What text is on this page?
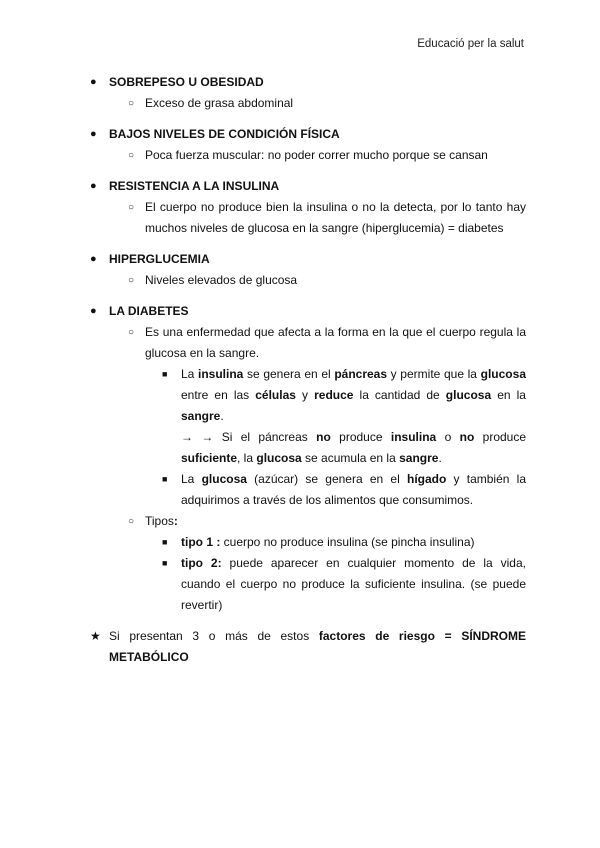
Educació per la salut
● SOBREPESO U OBESIDAD
○ Exceso de grasa abdominal
● BAJOS NIVELES DE CONDICIÓN FÍSICA
○ Poca fuerza muscular: no poder correr mucho porque se cansan
● RESISTENCIA A LA INSULINA
○ El cuerpo no produce bien la insulina o no la detecta, por lo tanto hay muchos niveles de glucosa en la sangre (hiperglucemia) = diabetes
● HIPERGLUCEMIA
○ Niveles elevados de glucosa
● LA DIABETES
○ Es una enfermedad que afecta a la forma en la que el cuerpo regula la glucosa en la sangre.
■ La insulina se genera en el páncreas y permite que la glucosa entre en las células y reduce la cantidad de glucosa en la sangre.
→ → Si el páncreas no produce insulina o no produce suficiente, la glucosa se acumula en la sangre.
■ La glucosa (azúcar) se genera en el hígado y también la adquirimos a través de los alimentos que consumimos.
○ Tipos:
■ tipo 1 : cuerpo no produce insulina (se pincha insulina)
■ tipo 2: puede aparecer en cualquier momento de la vida, cuando el cuerpo no produce la suficiente insulina. (se puede revertir)
★ Si presentan 3 o más de estos factores de riesgo = SÍNDROME METABÓLICO
